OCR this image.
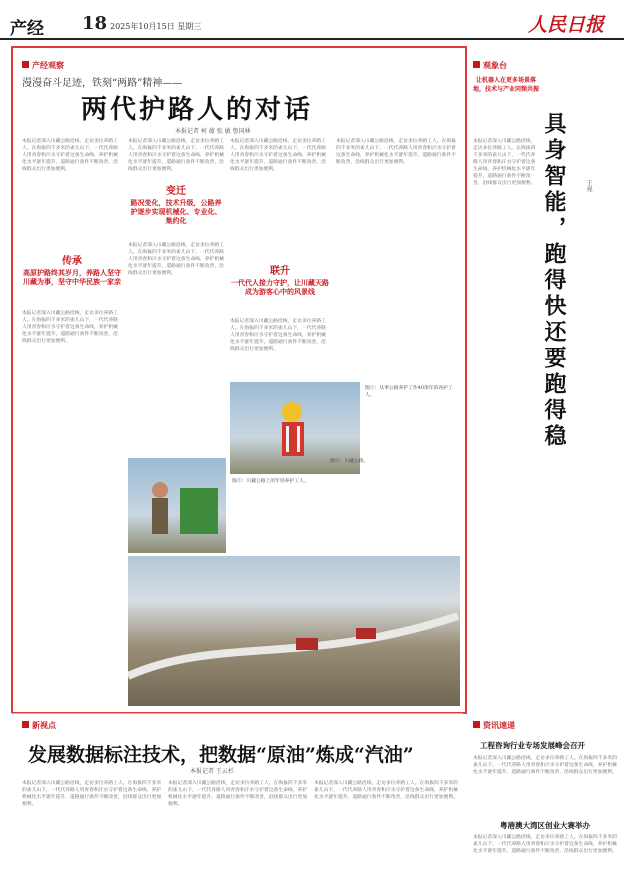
产经 18 2025年10月15日 星期三	人民日报
产经观察
漫漫奋斗足迹，铁刻“两路”精神——
两代护路人的对话
本报记者 柯 蕴 张 敏 鲁国林
本报记者深入川藏公路沿线，走访多位养路工人。在海拔四千多米的雀儿山下，一代代养路人用青春和汗水守护着这条生命线，养护机械化水平逐年提升，道路通行条件不断改善，沿线群众出行更加便利。
传承
高原护路终其岁月，养路人坚守川藏为事，坚守中华民族一家亲
本报记者深入川藏公路沿线，走访多位养路工人。在海拔四千多米的雀儿山下，一代代养路人用青春和汗水守护着这条生命线，养护机械化水平逐年提升，道路通行条件不断改善，沿线群众出行更加便利。
本报记者深入川藏公路沿线，走访多位养路工人。在海拔四千多米的雀儿山下，一代代养路人用青春和汗水守护着这条生命线，养护机械化水平逐年提升，道路通行条件不断改善，沿线群众出行更加便利。
变迁
路况变化，技术升级，公路养护逐步实现机械化、专业化、集约化
本报记者深入川藏公路沿线，走访多位养路工人。在海拔四千多米的雀儿山下，一代代养路人用青春和汗水守护着这条生命线，养护机械化水平逐年提升，道路通行条件不断改善，沿线群众出行更加便利。
本报记者深入川藏公路沿线，走访多位养路工人。在海拔四千多米的雀儿山下，一代代养路人用青春和汗水守护着这条生命线，养护机械化水平逐年提升，道路通行条件不断改善，沿线群众出行更加便利。
联升
一代代人接力守护，让川藏天路成为游客心中的风景线
本报记者深入川藏公路沿线，走访多位养路工人。在海拔四千多米的雀儿山下，一代代养路人用青春和汗水守护着这条生命线，养护机械化水平逐年提升，道路通行条件不断改善，沿线群众出行更加便利。
本报记者深入川藏公路沿线，走访多位养路工人。在海拔四千多米的雀儿山下，一代代养路人用青春和汗水守护着这条生命线，养护机械化水平逐年提升，道路通行条件不断改善，沿线群众出行更加便利。
图①：从事公路养护工作40余年的养护工人。
图②：川藏公路上的年轻养护工人。
图③：川藏公路。
观象台
让机器人在更多场景落地，技术与产业同频共振
具身智能，跑得快还要跑得稳	王观
本报记者深入川藏公路沿线，走访多位养路工人。在海拔四千多米的雀儿山下，一代代养路人用青春和汗水守护着这条生命线，养护机械化水平逐年提升，道路通行条件不断改善，沿线群众出行更加便利。
新视点
发展数据标注技术，把数据“原油”炼成“汽油”
本报记者 王云杉
本报记者深入川藏公路沿线，走访多位养路工人。在海拔四千多米的雀儿山下，一代代养路人用青春和汗水守护着这条生命线，养护机械化水平逐年提升，道路通行条件不断改善，沿线群众出行更加便利。
本报记者深入川藏公路沿线，走访多位养路工人。在海拔四千多米的雀儿山下，一代代养路人用青春和汗水守护着这条生命线，养护机械化水平逐年提升，道路通行条件不断改善，沿线群众出行更加便利。
本报记者深入川藏公路沿线，走访多位养路工人。在海拔四千多米的雀儿山下，一代代养路人用青春和汗水守护着这条生命线，养护机械化水平逐年提升，道路通行条件不断改善，沿线群众出行更加便利。
资讯速递
工程咨询行业专场发展峰会召开
本报记者深入川藏公路沿线，走访多位养路工人。在海拔四千多米的雀儿山下，一代代养路人用青春和汗水守护着这条生命线，养护机械化水平逐年提升，道路通行条件不断改善，沿线群众出行更加便利。
粤港澳大湾区创业大赛举办
本报记者深入川藏公路沿线，走访多位养路工人。在海拔四千多米的雀儿山下，一代代养路人用青春和汗水守护着这条生命线，养护机械化水平逐年提升，道路通行条件不断改善，沿线群众出行更加便利。
